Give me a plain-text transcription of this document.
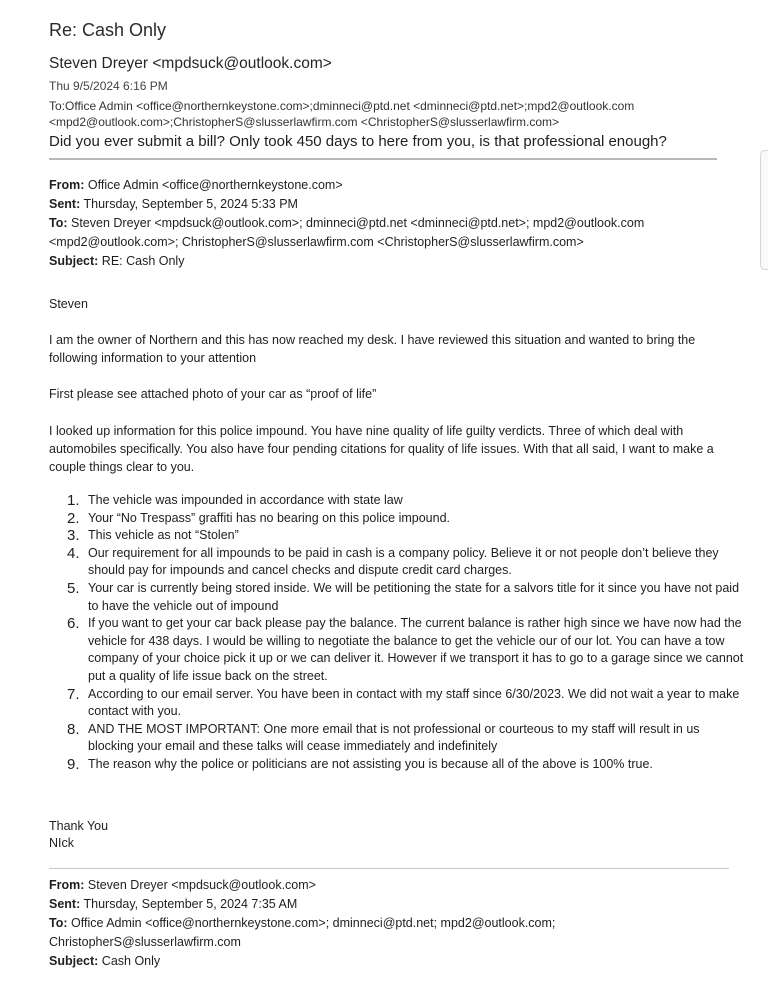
Re: Cash Only
Steven Dreyer <mpdsuck@outlook.com>
Thu 9/5/2024 6:16 PM
To:Office Admin <office@northernkeystone.com>;dminneci@ptd.net <dminneci@ptd.net>;mpd2@outlook.com <mpd2@outlook.com>;ChristopherS@slusserlawfirm.com <ChristopherS@slusserlawfirm.com>
Did you ever submit a bill? Only took 450 days to here from you, is that professional enough?
From: Office Admin <office@northernkeystone.com>
Sent: Thursday, September 5, 2024 5:33 PM
To: Steven Dreyer <mpdsuck@outlook.com>; dminneci@ptd.net <dminneci@ptd.net>; mpd2@outlook.com <mpd2@outlook.com>; ChristopherS@slusserlawfirm.com <ChristopherS@slusserlawfirm.com>
Subject: RE: Cash Only
Steven
I am the owner of Northern and this has now reached my desk. I have reviewed this situation and wanted to bring the following information to your attention
First please see attached photo of your car as “proof of life”
I looked up information for this police impound. You have nine quality of life guilty verdicts. Three of which deal with automobiles specifically. You also have four pending citations for quality of life issues. With that all said, I want to make a couple things clear to you.
1. The vehicle was impounded in accordance with state law
2. Your “No Trespass” graffiti has no bearing on this police impound.
3. This vehicle as not “Stolen”
4. Our requirement for all impounds to be paid in cash is a company policy. Believe it or not people don’t believe they should pay for impounds and cancel checks and dispute credit card charges.
5. Your car is currently being stored inside. We will be petitioning the state for a salvors title for it since you have not paid to have the vehicle out of impound
6. If you want to get your car back please pay the balance. The current balance is rather high since we have now had the vehicle for 438 days. I would be willing to negotiate the balance to get the vehicle our of our lot. You can have a tow company of your choice pick it up or we can deliver it. However if we transport it has to go to a garage since we cannot put a quality of life issue back on the street.
7. According to our email server. You have been in contact with my staff since 6/30/2023. We did not wait a year to make contact with you.
8. AND THE MOST IMPORTANT: One more email that is not professional or courteous to my staff will result in us blocking your email and these talks will cease immediately and indefinitely
9. The reason why the police or politicians are not assisting you is because all of the above is 100% true.
Thank You
NIck
From: Steven Dreyer <mpdsuck@outlook.com>
Sent: Thursday, September 5, 2024 7:35 AM
To: Office Admin <office@northernkeystone.com>; dminneci@ptd.net; mpd2@outlook.com; ChristopherS@slusserlawfirm.com
Subject: Cash Only
